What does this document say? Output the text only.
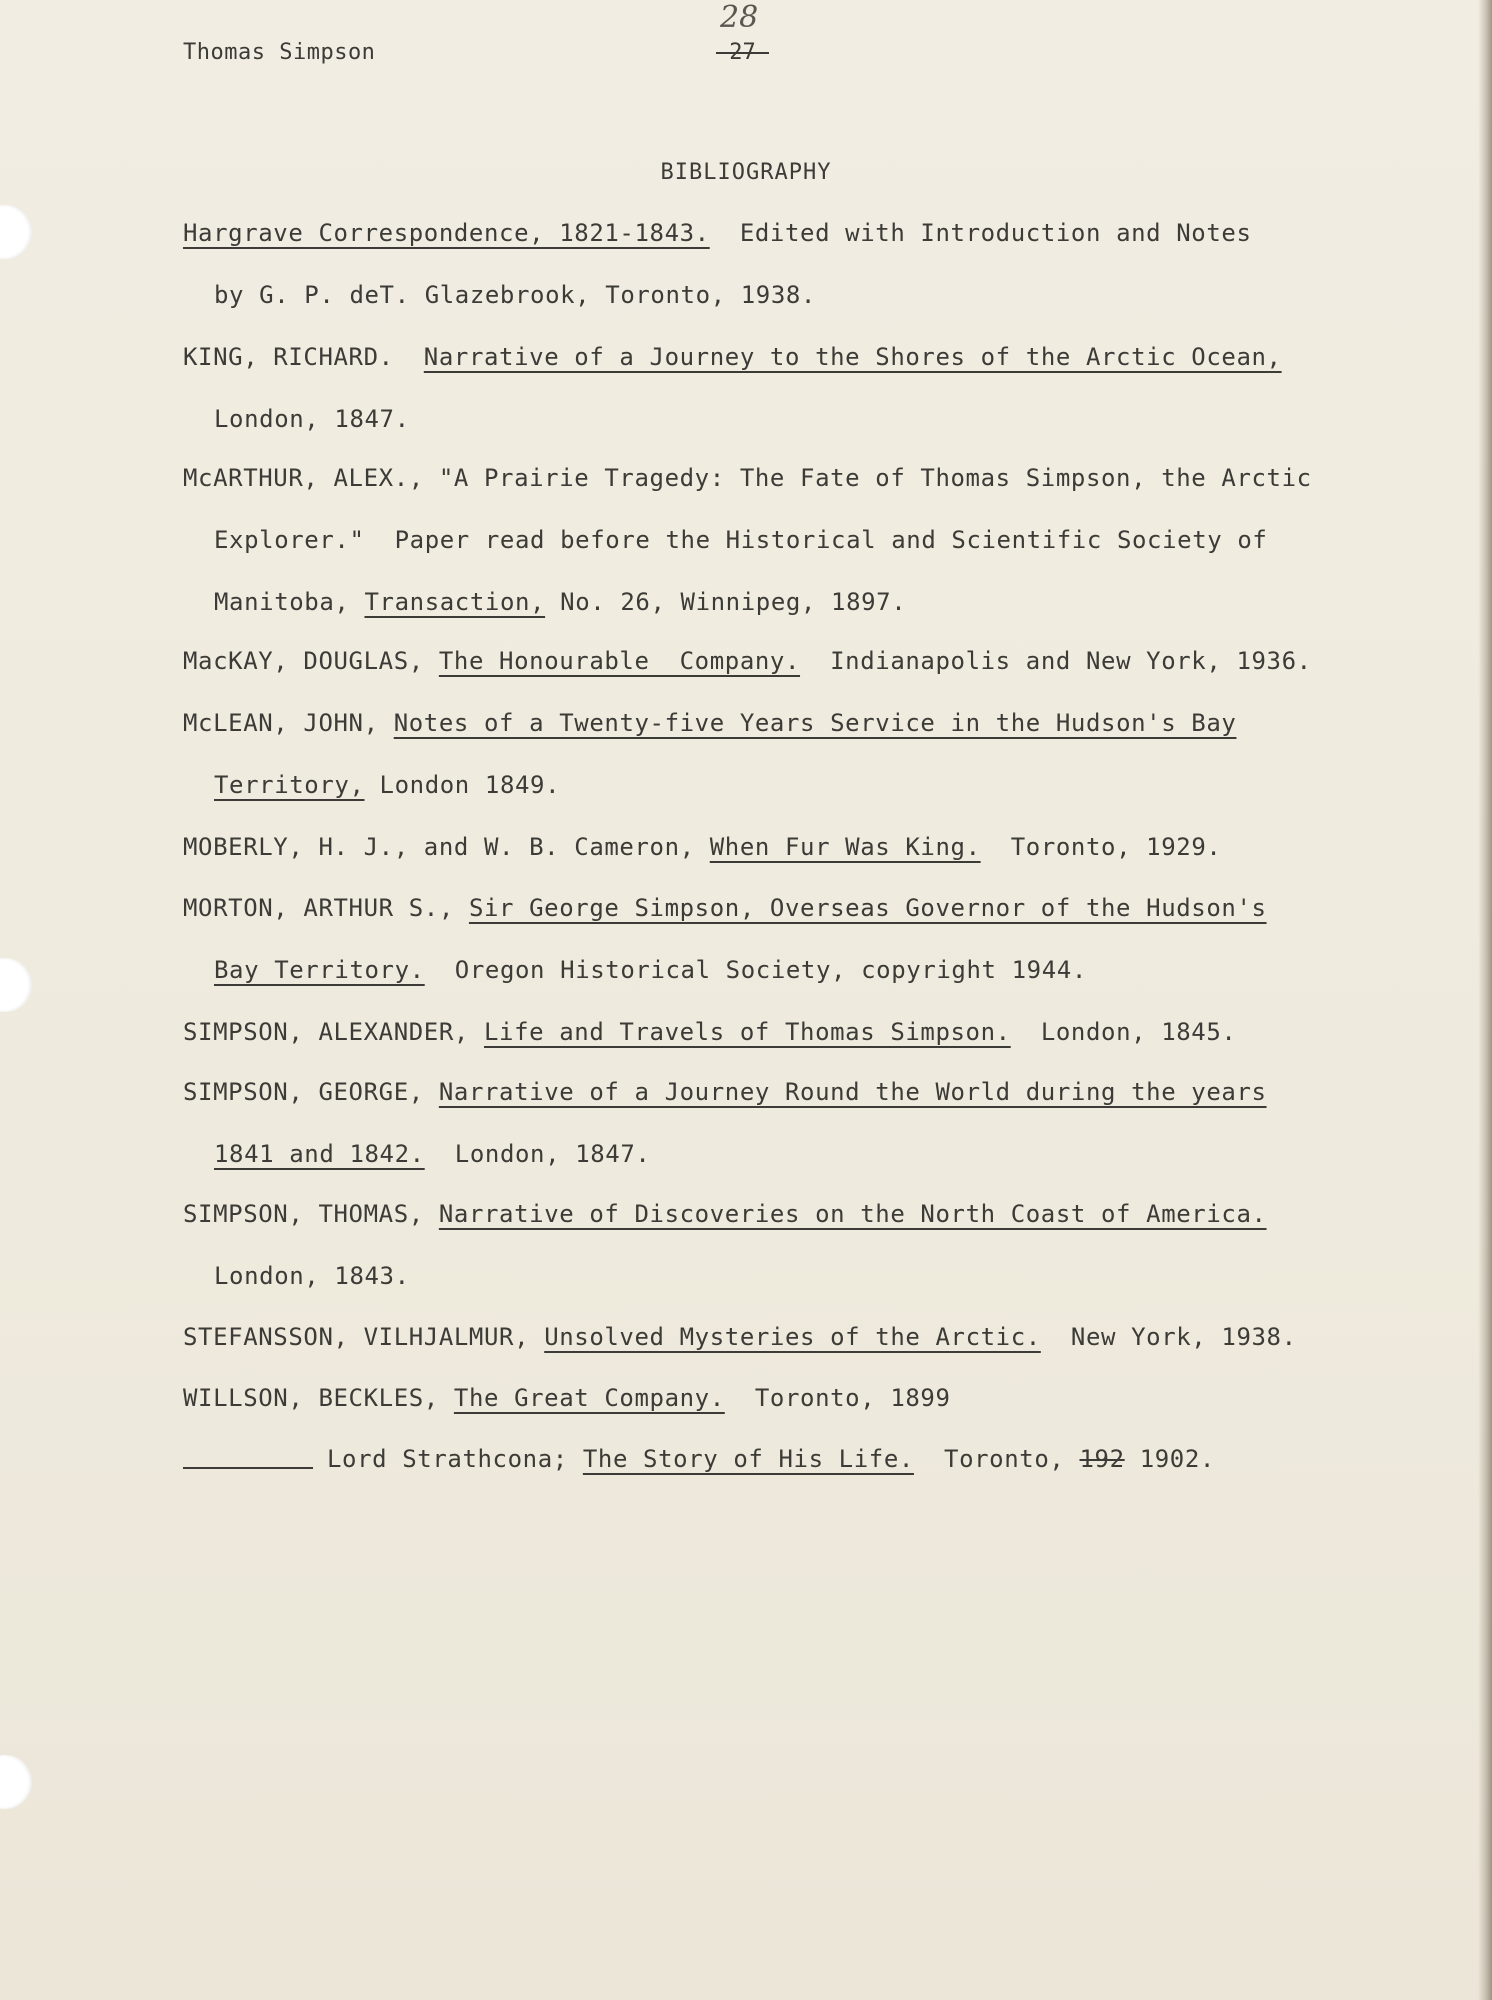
Thomas Simpson
28
-27-
BIBLIOGRAPHY
Hargrave Correspondence, 1821-1843.  Edited with Introduction and Notes
by G. P. deT. Glazebrook, Toronto, 1938.
KING, RICHARD.  Narrative of a Journey to the Shores of the Arctic Ocean,
London, 1847.
McARTHUR, ALEX., "A Prairie Tragedy: The Fate of Thomas Simpson, the Arctic
Explorer."  Paper read before the Historical and Scientific Society of
Manitoba, Transaction, No. 26, Winnipeg, 1897.
MacKAY, DOUGLAS, The Honourable  Company.  Indianapolis and New York, 1936.
McLEAN, JOHN, Notes of a Twenty-five Years Service in the Hudson's Bay
Territory, London 1849.
MOBERLY, H. J., and W. B. Cameron, When Fur Was King.  Toronto, 1929.
MORTON, ARTHUR S., Sir George Simpson, Overseas Governor of the Hudson's
Bay Territory.  Oregon Historical Society, copyright 1944.
SIMPSON, ALEXANDER, Life and Travels of Thomas Simpson.  London, 1845.
SIMPSON, GEORGE, Narrative of a Journey Round the World during the years
1841 and 1842.  London, 1847.
SIMPSON, THOMAS, Narrative of Discoveries on the North Coast of America.
London, 1843.
STEFANSSON, VILHJALMUR, Unsolved Mysteries of the Arctic.  New York, 1938.
WILLSON, BECKLES, The Great Company.  Toronto, 1899
Lord Strathcona; The Story of His Life.  Toronto, 192 1902.
